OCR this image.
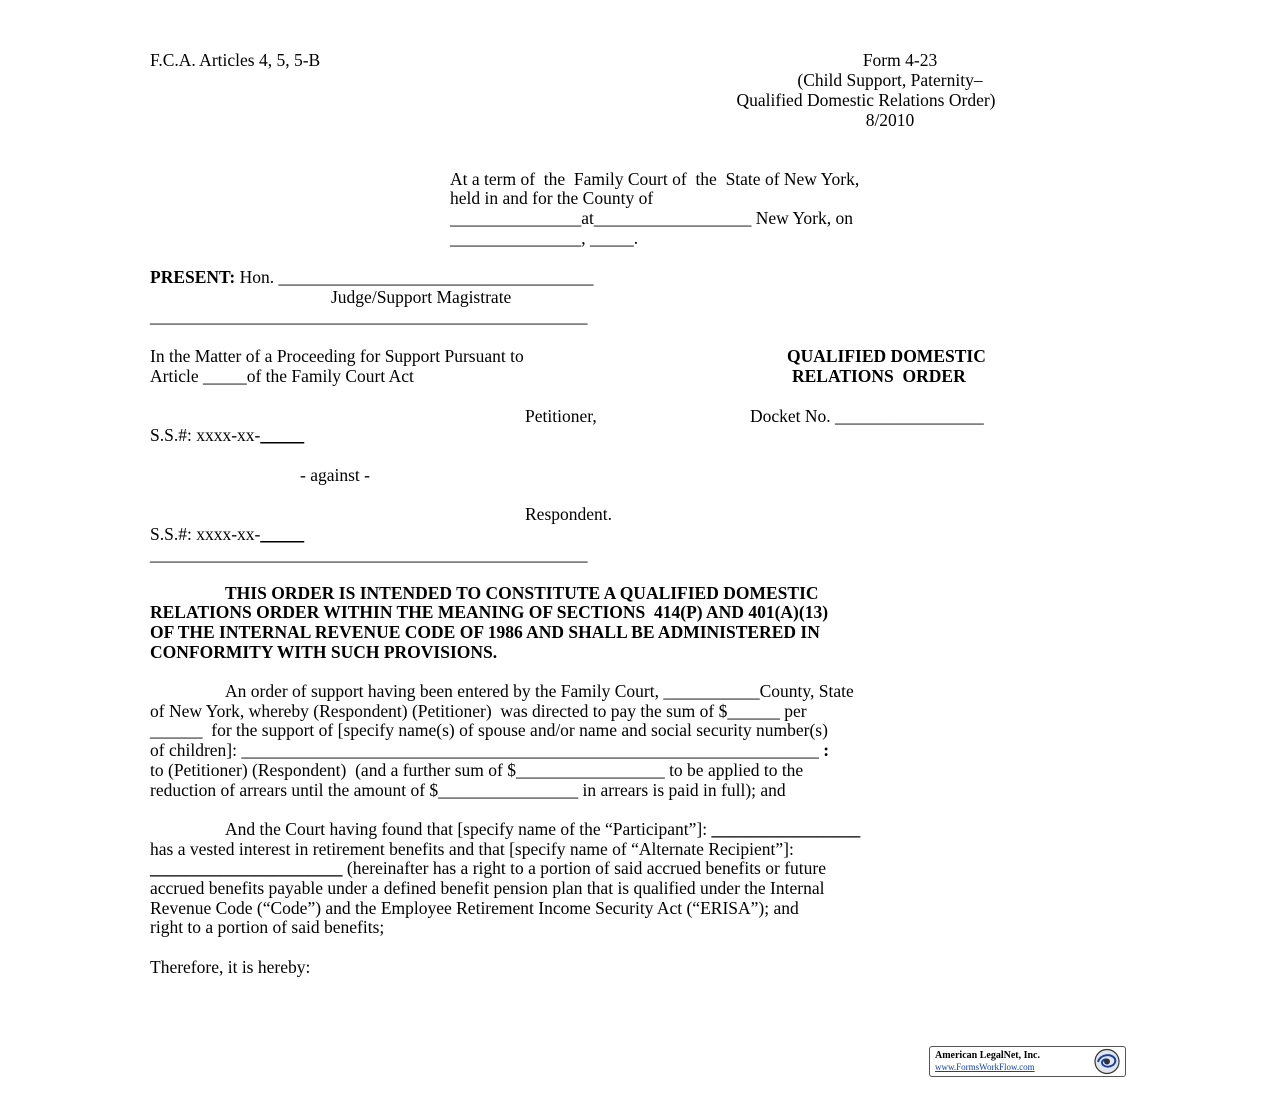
F.C.A. Articles 4, 5, 5-B	Form 4-23
(Child Support, Paternity–
Qualified Domestic Relations Order)
8/2010
At a term of  the  Family Court of  the  State of New York,
held in and for the County of
_______________at__________________ New York, on
_______________, _____.
PRESENT: Hon. ____________________________________
Judge/Support Magistrate
__________________________________________________
In the Matter of a Proceeding for Support Pursuant to
Article _____of the Family Court Act
QUALIFIED DOMESTIC
RELATIONS  ORDER
Petitioner,	Docket No. _________________
S.S.#: xxxx-xx-_____
- against -
Respondent.
S.S.#: xxxx-xx-_____
__________________________________________________
THIS ORDER IS INTENDED TO CONSTITUTE A QUALIFIED DOMESTIC
RELATIONS ORDER WITHIN THE MEANING OF SECTIONS  414(P) AND 401(A)(13)
OF THE INTERNAL REVENUE CODE OF 1986 AND SHALL BE ADMINISTERED IN
CONFORMITY WITH SUCH PROVISIONS.
An order of support having been entered by the Family Court, ___________County, State
of New York, whereby (Respondent) (Petitioner)  was directed to pay the sum of $______ per
______  for the support of [specify name(s) of spouse and/or name and social security number(s)
of children]: __________________________________________________________________ :
to (Petitioner) (Respondent)  (and a further sum of $_________________ to be applied to the
reduction of arrears until the amount of $________________ in arrears is paid in full); and
And the Court having found that [specify name of the “Participant”]: _________________
has a vested interest in retirement benefits and that [specify name of “Alternate Recipient”]:
______________________ (hereinafter has a right to a portion of said accrued benefits or future
accrued benefits payable under a defined benefit pension plan that is qualified under the Internal
Revenue Code (“Code”) and the Employee Retirement Income Security Act (“ERISA”); and
right to a portion of said benefits;
Therefore, it is hereby:
American LegalNet, Inc.
www.FormsWorkFlow.com
